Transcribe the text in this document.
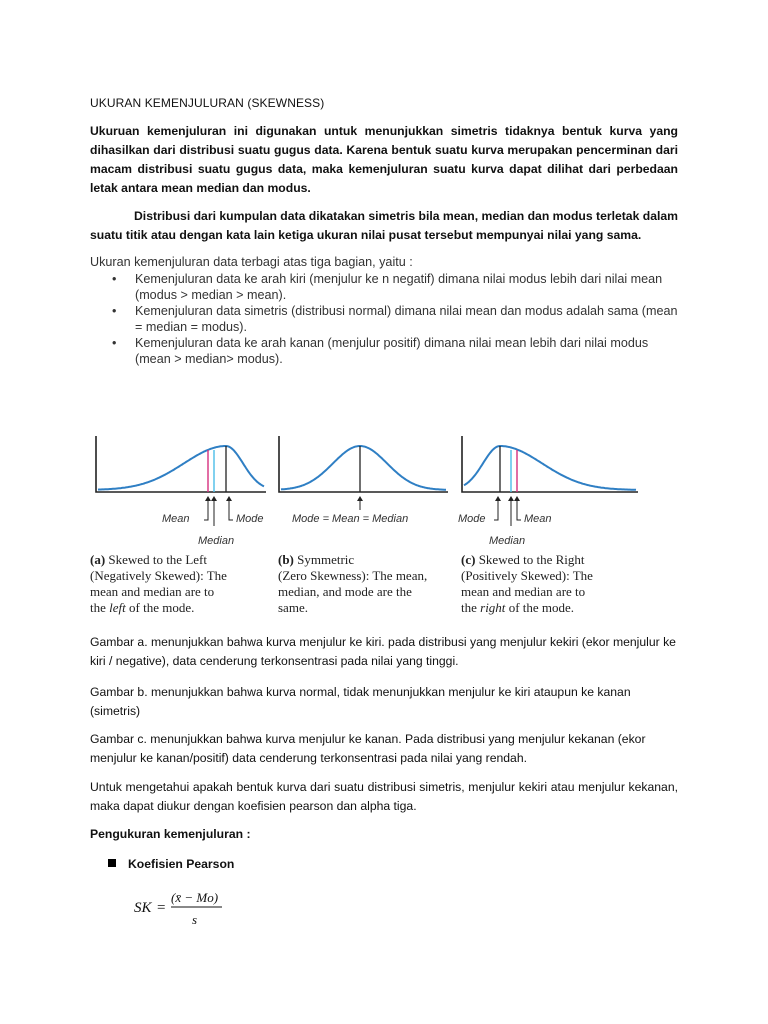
UKURAN KEMENJULURAN (SKEWNESS)
Ukuruan kemenjuluran ini digunakan untuk menunjukkan simetris tidaknya bentuk kurva yang dihasilkan dari distribusi suatu gugus data. Karena bentuk suatu kurva merupakan pencerminan dari macam distribusi suatu gugus data, maka kemenjuluran suatu kurva dapat dilihat dari perbedaan letak antara mean median dan modus.
Distribusi dari kumpulan data dikatakan simetris bila mean, median dan modus terletak dalam suatu titik atau dengan kata lain ketiga ukuran nilai pusat tersebut mempunyai nilai yang sama.
Ukuran kemenjuluran data terbagi atas tiga bagian, yaitu :
• Kemenjuluran data ke arah kiri (menjulur ke n negatif) dimana nilai modus lebih dari nilai mean (modus > median > mean).
• Kemenjuluran data simetris (distribusi normal) dimana nilai mean dan modus adalah sama (mean = median = modus).
• Kemenjuluran data ke arah kanan (menjulur positif) dimana nilai mean lebih dari nilai modus (mean > median> modus).
Mean	Mode
Median
Mode = Mean = Median	Mode	Mean
Median
(a) Skewed to the Left
(Negatively Skewed): The
mean and median are to
the left of the mode.
(b) Symmetric
(Zero Skewness): The mean,
median, and mode are the
same.
(c) Skewed to the Right
(Positively Skewed): The
mean and median are to
the right of the mode.
Gambar a. menunjukkan bahwa kurva menjulur ke kiri. pada distribusi yang menjulur kekiri (ekor menjulur ke kiri / negative), data cenderung terkonsentrasi pada nilai yang tinggi.
Gambar b. menunjukkan bahwa kurva normal, tidak menunjukkan menjulur ke kiri ataupun ke kanan (simetris)
Gambar c. menunjukkan bahwa kurva menjulur ke kanan. Pada distribusi yang menjulur kekanan (ekor menjulur ke kanan/positif) data cenderung terkonsentrasi pada nilai yang rendah.
Untuk mengetahui apakah bentuk kurva dari suatu distribusi simetris, menjulur kekiri atau menjulur kekanan, maka dapat diukur dengan koefisien pearson dan alpha tiga.
Pengukuran kemenjuluran :
Koefisien Pearson
SK =
(x̄ − Mo)
s
